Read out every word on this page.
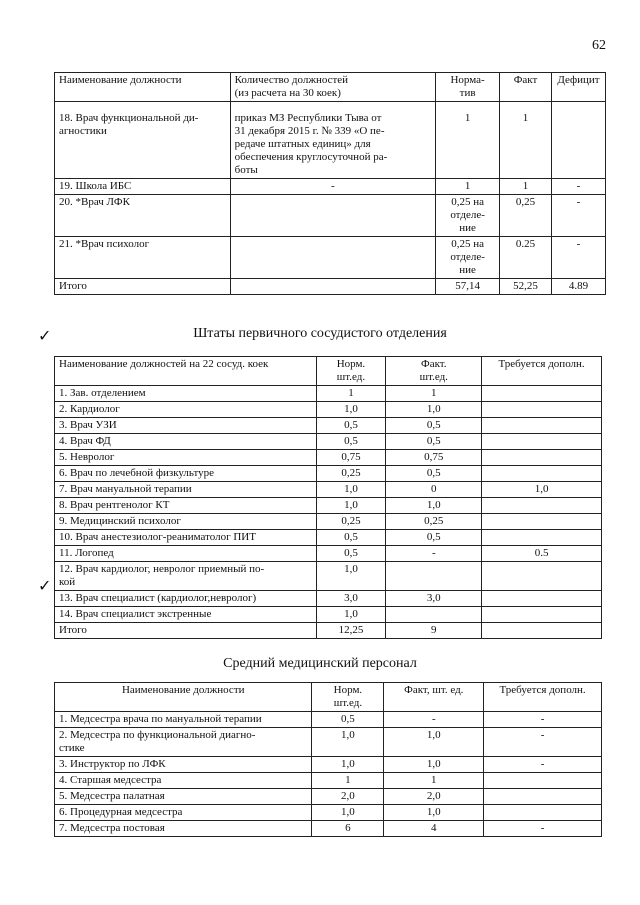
62
Наименование должности	Количество должностей
(из расчета на 30 коек)	Норма-
тив	Факт	Дефицит
18. Врач функциональной ди-
агностики	приказ МЗ Республики Тыва от
31 декабря 2015 г. № 339 «О пе-
редаче штатных единиц» для
обеспечения круглосуточной ра-
боты	1	1	
19. Школа ИБС	-	1	1	-
20. *Врач ЛФК		0,25 на
отделе-
ние	0,25	-
21. *Врач психолог		0,25 на
отделе-
ние	0.25	-
Итого		57,14	52,25	4.89
✓	Штаты первичного сосудистого отделения
Наименование должностей на 22 сосуд. коек	Норм.
шт.ед.	Факт.
шт.ед.	Требуется дополн.
1. Зав. отделением	1	1	
2. Кардиолог	1,0	1,0	
3. Врач УЗИ	0,5	0,5	
4. Врач ФД	0,5	0,5	
5. Невролог	0,75	0,75	
6. Врач по лечебной физкультуре	0,25	0,5	
7. Врач мануальной терапии	1,0	0	1,0
8. Врач рентгенолог КТ	1,0	1,0	
9. Медицинский психолог	0,25	0,25	
10. Врач анестезиолог-реаниматолог ПИТ	0,5	0,5	
11. Логопед	0,5	-	0.5
12. Врач кардиолог, невролог приемный по-
кой	1,0		
13. Врач специалист (кардиолог,невролог)	3,0	3,0	
14. Врач специалист экстренные	1,0		
Итого	12,25	9	
✓
Средний медицинский персонал
Наименование должности	Норм.
шт.ед.	Факт, шт. ед.	Требуется дополн.
1. Медсестра врача по мануальной терапии	0,5	-	-
2. Медсестра по функциональной диагно-
стике	1,0	1,0	-
3. Инструктор по ЛФК	1,0	1,0	-
4. Старшая медсестра	1	1	
5. Медсестра палатная	2,0	2,0	
6. Процедурная медсестра	1,0	1,0	
7. Медсестра постовая	6	4	-
